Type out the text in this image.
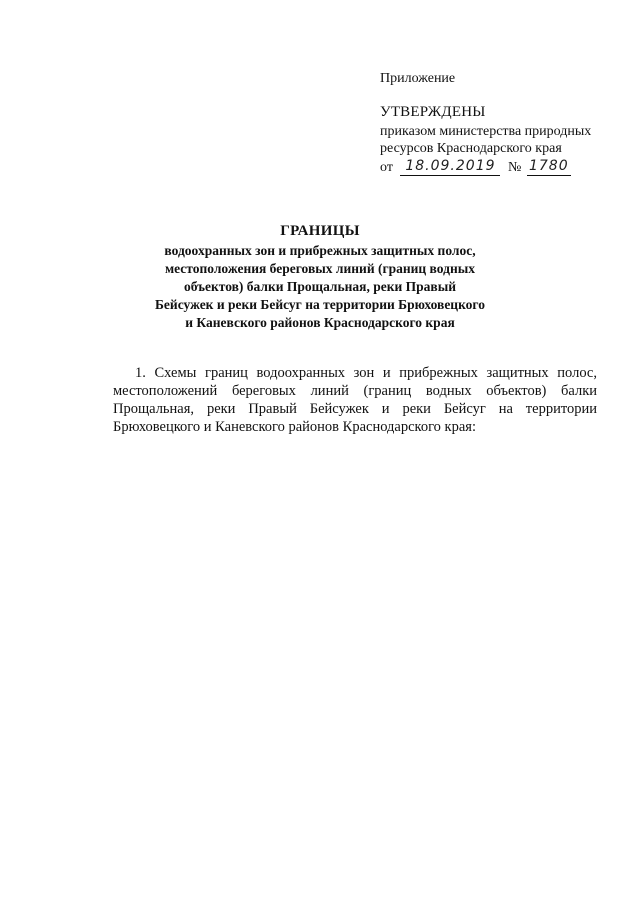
Приложение
УТВЕРЖДЕНЫ
приказом министерства природных
ресурсов Краснодарского края
от 18.09.2019 № 1780
ГРАНИЦЫ
водоохранных зон и прибрежных защитных полос,
местоположения береговых линий (границ водных
объектов) балки Прощальная, реки Правый
Бейсужек и реки Бейсуг на территории Брюховецкого
и Каневского районов Краснодарского края

1. Схемы границ водоохранных зон и прибрежных защитных полос, местоположений береговых линий (границ водных объектов) балки Прощальная, реки Правый Бейсужек и реки Бейсуг на территории Брюховецкого и Каневского районов Краснодарского края:
